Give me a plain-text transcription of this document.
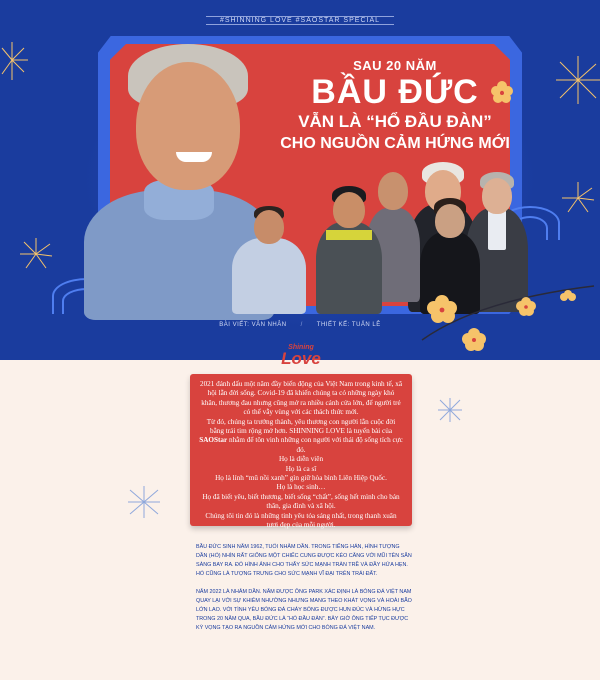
#SHINNING LOVE #SAOSTAR SPECIAL
SAU 20 NĂM
BẦU ĐỨC
VẪN LÀ “HỔ ĐẦU ĐÀN”
CHO NGUỒN CẢM HỨNG MỚI
BÀI VIẾT: VÂN NHÂN / THIẾT KẾ: TUẤN LÊ
Shining
Love

2021 đánh dấu một năm đầy biến động của Việt Nam trong kinh tế, xã hội lẫn đời sống. Covid-19 đã khiến chúng ta có những ngày khó khăn, thương đau nhưng cũng mở ra nhiều cánh cửa lớn, để người trẻ có thể vẫy vùng với các thách thức mới.

Từ đó, chúng ta trưởng thành, yêu thương con người lẫn cuộc đời bằng trái tim rộng mở hơn. SHINNING LOVE là tuyến bài của SAOStar nhằm để tôn vinh những con người với thái độ sống tích cực đó.

Họ là diễn viên

Họ là ca sĩ

Họ là lính “mũ nồi xanh” gìn giữ hòa bình Liên Hiệp Quốc.

Họ là học sinh…

Họ đã biết yêu, biết thương, biết sống “chất”, sống hết mình cho bản thân, gia đình và xã hội.

Chúng tôi tin đó là những tinh yêu tỏa sáng nhất, trong thanh xuân tươi đẹp của mỗi người.

BẦU ĐỨC SINH NĂM 1962, TUỔI NHÂM DẦN. TRONG TIẾNG HÁN, HÌNH TƯỢNG DẦN (HỔ) NHÌN RẤT GIỐNG MỘT CHIẾC CUNG ĐƯỢC KÉO CĂNG VỚI MŨI TÊN SẴN SÀNG BAY RA. ĐÓ HÌNH ẢNH CHO THẤY SỨC MẠNH TRÀN TRỀ VÀ ĐẦY HỨA HẸN. HỔ CŨNG LÀ TƯỢNG TRƯNG CHO SỨC MẠNH VĨ ĐẠI TRÊN TRÁI ĐẤT.

NĂM 2022 LÀ NHÂM DẦN. NĂM ĐƯỢC ÔNG PARK XÁC ĐỊNH LÀ BÓNG ĐÁ VIỆT NAM QUAY LẠI VỚI SỰ KHIÊM NHƯỜNG NHƯNG MANG THEO KHÁT VỌNG VÀ HOÀI BÃO LỚN LAO. VỚI TÌNH YÊU BÓNG ĐÁ CHÁY BỎNG ĐƯỢC HUN ĐÚC VÀ HỪNG HỰC TRONG 20 NĂM QUA, BẦU ĐỨC LÀ “HỔ ĐẦU ĐÀN”. BÂY GIỜ ÔNG TIẾP TỤC ĐƯỢC KỲ VỌNG TẠO RA NGUỒN CẢM HỨNG MỚI CHO BÓNG ĐÁ VIỆT NAM.
